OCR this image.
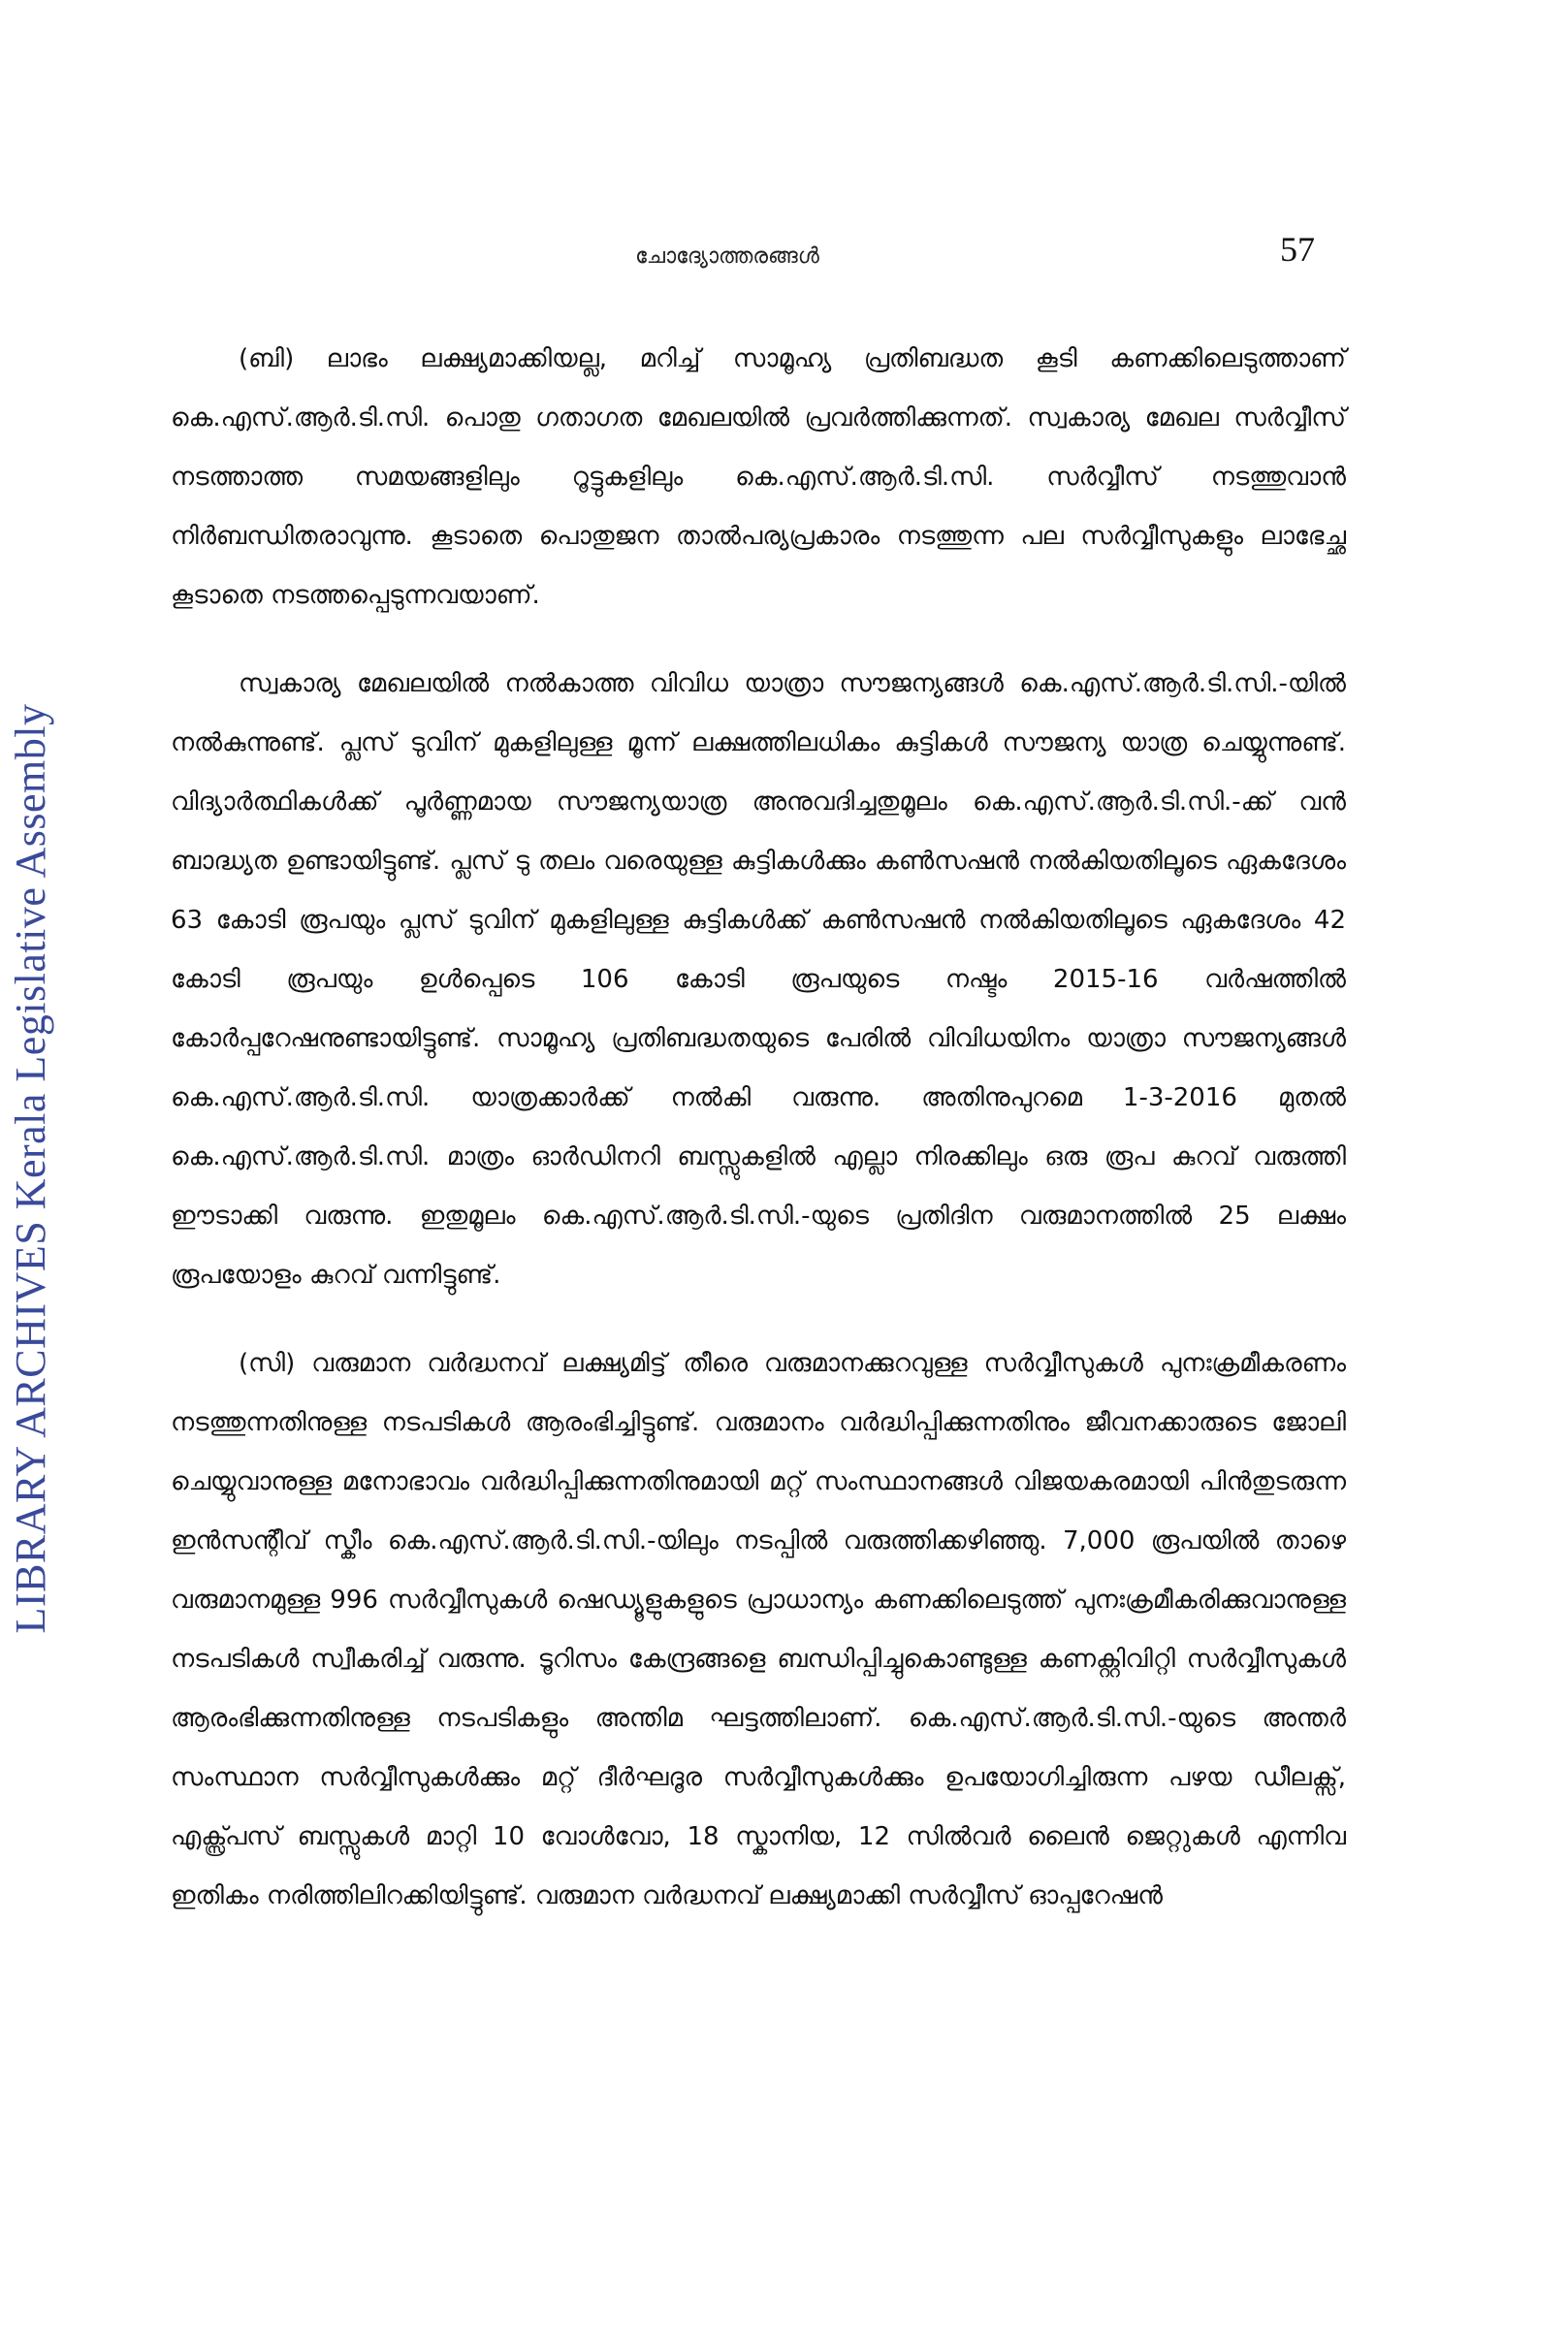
LIBRARY ARCHIVES Kerala Legislative Assembly
ചോദ്യോത്തരങ്ങൾ	57

(ബി) ലാഭം ലക്ഷ്യമാക്കിയല്ല, മറിച്ച് സാമൂഹ്യ പ്രതിബദ്ധത കൂടി കണക്കിലെടുത്താണ് കെ.എസ്.ആർ.ടി.സി. പൊതു ഗതാഗത മേഖലയിൽ പ്രവർത്തിക്കുന്നത്. സ്വകാര്യ മേഖല സർവ്വീസ് നടത്താത്ത സമയങ്ങളിലും റൂട്ടുകളിലും കെ.എസ്.ആർ.ടി.സി. സർവ്വീസ് നടത്തുവാൻ നിർബന്ധിതരാവുന്നു. കൂടാതെ പൊതുജന താൽപര്യപ്രകാരം നടത്തുന്ന പല സർവ്വീസുകളും ലാഭേച്ഛ കൂടാതെ നടത്തപ്പെടുന്നവയാണ്.

സ്വകാര്യ മേഖലയിൽ നൽകാത്ത വിവിധ യാത്രാ സൗജന്യങ്ങൾ കെ.എസ്.ആർ.ടി.സി.-യിൽ നൽകുന്നുണ്ട്. പ്ലസ് ടുവിന് മുകളിലുള്ള മൂന്ന് ലക്ഷത്തിലധികം കുട്ടികൾ സൗജന്യ യാത്ര ചെയ്യുന്നുണ്ട്. വിദ്യാർത്ഥികൾക്ക് പൂർണ്ണമായ സൗജന്യയാത്ര അനുവദിച്ചതുമൂലം കെ.എസ്.ആർ.ടി.സി.-ക്ക് വൻ ബാദ്ധ്യത ഉണ്ടായിട്ടുണ്ട്. പ്ലസ് ടു തലം വരെയുള്ള കുട്ടികൾക്കും കൺസഷൻ നൽകിയതിലൂടെ ഏകദേശം 63 കോടി രൂപയും പ്ലസ് ടുവിന് മുകളിലുള്ള കുട്ടികൾക്ക് കൺസഷൻ നൽകിയതിലൂടെ ഏകദേശം 42 കോടി രൂപയും ഉൾപ്പെടെ 106 കോടി രൂപയുടെ നഷ്ടം 2015-16 വർഷത്തിൽ കോർപ്പറേഷനുണ്ടായിട്ടുണ്ട്. സാമൂഹ്യ പ്രതിബദ്ധതയുടെ പേരിൽ വിവിധയിനം യാത്രാ സൗജന്യങ്ങൾ കെ.എസ്.ആർ.ടി.സി. യാത്രക്കാർക്ക് നൽകി വരുന്നു. അതിനുപുറമെ 1-3-2016 മുതൽ കെ.എസ്.ആർ.ടി.സി. മാത്രം ഓർഡിനറി ബസ്സുകളിൽ എല്ലാ നിരക്കിലും ഒരു രൂപ കുറവ് വരുത്തി ഈടാക്കി വരുന്നു. ഇതുമൂലം കെ.എസ്.ആർ.ടി.സി.-യുടെ പ്രതിദിന വരുമാനത്തിൽ 25 ലക്ഷം രൂപയോളം കുറവ് വന്നിട്ടുണ്ട്.

(സി) വരുമാന വർദ്ധനവ് ലക്ഷ്യമിട്ട് തീരെ വരുമാനക്കുറവുള്ള സർവ്വീസുകൾ പുനഃക്രമീകരണം നടത്തുന്നതിനുള്ള നടപടികൾ ആരംഭിച്ചിട്ടുണ്ട്. വരുമാനം വർദ്ധിപ്പിക്കുന്നതിനും ജീവനക്കാരുടെ ജോലി ചെയ്യുവാനുള്ള മനോഭാവം വർദ്ധിപ്പിക്കുന്നതിനുമായി മറ്റ് സംസ്ഥാനങ്ങൾ വിജയകരമായി പിൻതുടരുന്ന ഇൻസന്റീവ് സ്കീം കെ.എസ്.ആർ.ടി.സി.-യിലും നടപ്പിൽ വരുത്തിക്കഴിഞ്ഞു. 7,000 രൂപയിൽ താഴെ വരുമാനമുള്ള 996 സർവ്വീസുകൾ ഷെഡ്യൂളുകളുടെ പ്രാധാന്യം കണക്കിലെടുത്ത് പുനഃക്രമീകരിക്കുവാനുള്ള നടപടികൾ സ്വീകരിച്ച് വരുന്നു. ടൂറിസം കേന്ദ്രങ്ങളെ ബന്ധിപ്പിച്ചുകൊണ്ടുള്ള കണക്റ്റിവിറ്റി സർവ്വീസുകൾ ആരംഭിക്കുന്നതിനുള്ള നടപടികളും അന്തിമ ഘട്ടത്തിലാണ്. കെ.എസ്.ആർ.ടി.സി.-യുടെ അന്തർ സംസ്ഥാന സർവ്വീസുകൾക്കും മറ്റ് ദീർഘദൂര സർവ്വീസുകൾക്കും ഉപയോഗിച്ചിരുന്ന പഴയ ഡീലക്സ്, എക്സ്പ്രസ് ബസ്സുകൾ മാറ്റി 10 വോൾവോ, 18 സ്കാനിയ, 12 സിൽവർ ലൈൻ ജെറ്റുകൾ എന്നിവ ഇതികം നരിത്തിലിറക്കിയിട്ടുണ്ട്. വരുമാന വർദ്ധനവ് ലക്ഷ്യമാക്കി സർവ്വീസ് ഓപ്പറേഷൻ
